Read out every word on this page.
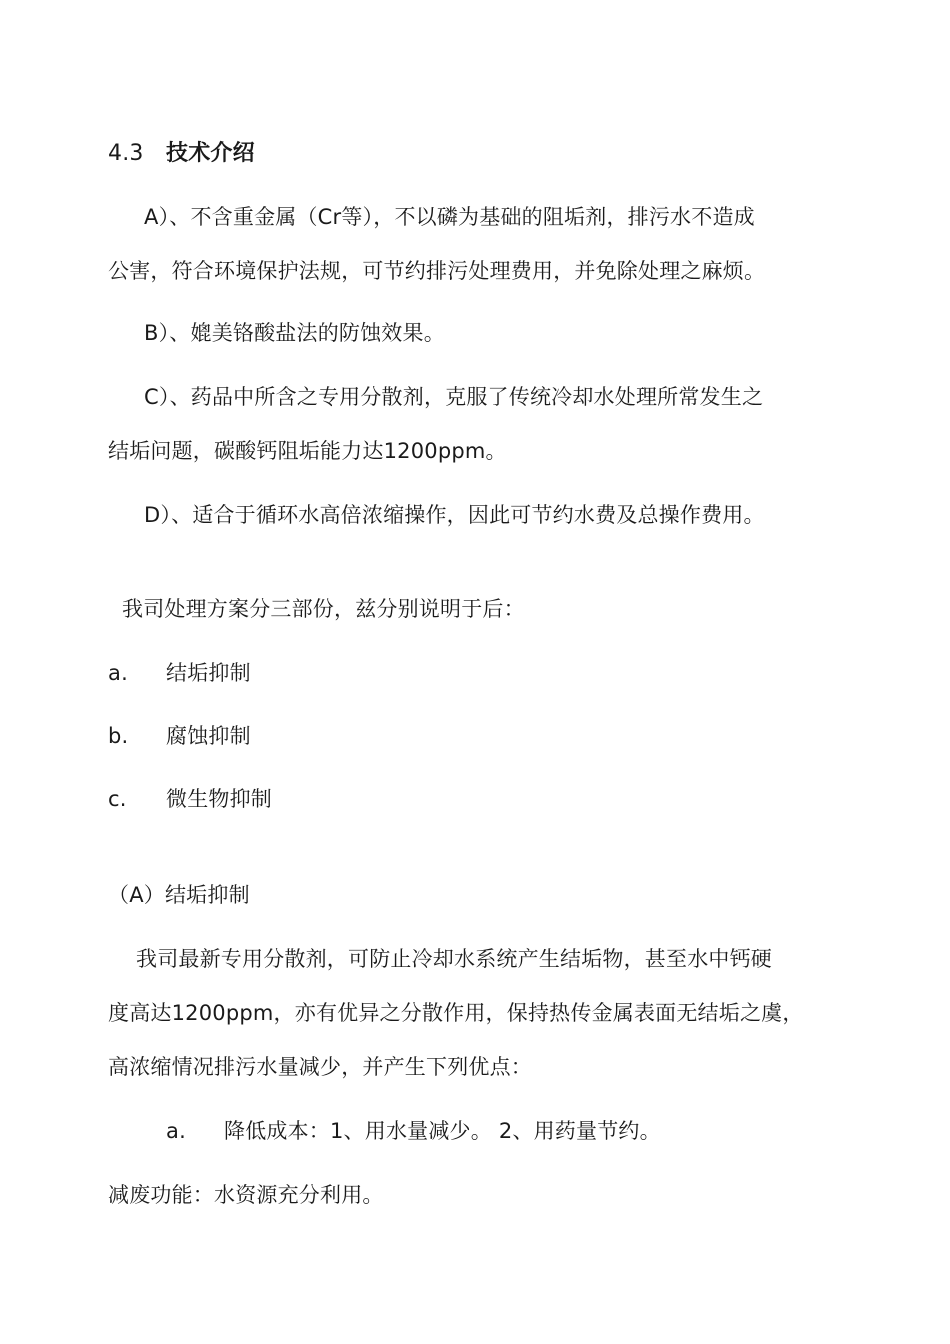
4.3 技术介绍
A）、不含重金属（Cr等），不以磷为基础的阻垢剂，排污水不造成
公害，符合环境保护法规，可节约排污处理费用，并免除处理之麻烦。
B）、媲美铬酸盐法的防蚀效果。
C）、药品中所含之专用分散剂，克服了传统冷却水处理所常发生之
结垢问题，碳酸钙阻垢能力达1200ppm。
D）、适合于循环水高倍浓缩操作，因此可节约水费及总操作费用。
我司处理方案分三部份，兹分别说明于后：
a. 结垢抑制
b. 腐蚀抑制
c. 微生物抑制
（A）结垢抑制
我司最新专用分散剂，可防止冷却水系统产生结垢物，甚至水中钙硬
度高达1200ppm，亦有优异之分散作用，保持热传金属表面无结垢之虞，
高浓缩情况排污水量减少，并产生下列优点：
a. 降低成本：1、用水量减少。 2、用药量节约。
减废功能：水资源充分利用。
